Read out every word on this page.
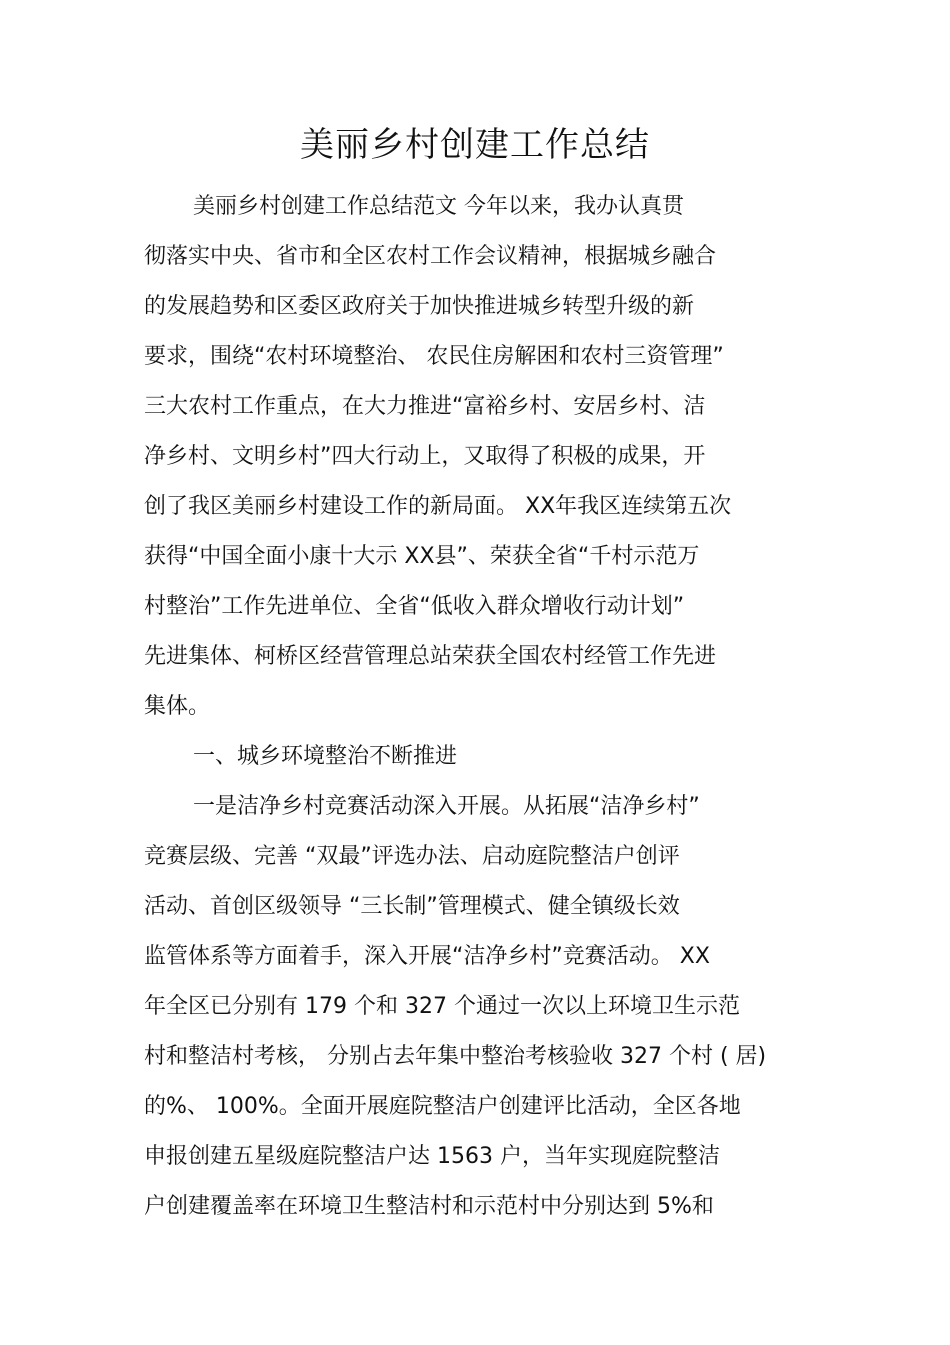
美丽乡村创建工作总结

美丽乡村创建工作总结范文 今年以来，我办认真贯

彻落实中央、省市和全区农村工作会议精神，根据城乡融合

的发展趋势和区委区政府关于加快推进城乡转型升级的新

要求，围绕“农村环境整治、 农民住房解困和农村三资管理”

三大农村工作重点，在大力推进“富裕乡村、安居乡村、洁

净乡村、文明乡村”四大行动上，又取得了积极的成果，开

创了我区美丽乡村建设工作的新局面。 XX年我区连续第五次

获得“中国全面小康十大示 XX县”、荣获全省“千村示范万

村整治”工作先进单位、全省“低收入群众增收行动计划”

先进集体、柯桥区经营管理总站荣获全国农村经管工作先进

集体。

一、城乡环境整治不断推进

一是洁净乡村竞赛活动深入开展。从拓展“洁净乡村”

竞赛层级、完善 “双最”评选办法、启动庭院整洁户创评

活动、首创区级领导 “三长制”管理模式、健全镇级长效

监管体系等方面着手，深入开展“洁净乡村”竞赛活动。 XX

年全区已分别有 179 个和 327 个通过一次以上环境卫生示范

村和整洁村考核， 分别占去年集中整治考核验收 327 个村 ( 居)

的%、 100%。全面开展庭院整洁户创建评比活动，全区各地

申报创建五星级庭院整洁户达 1563 户，当年实现庭院整洁

户创建覆盖率在环境卫生整洁村和示范村中分别达到 5%和
